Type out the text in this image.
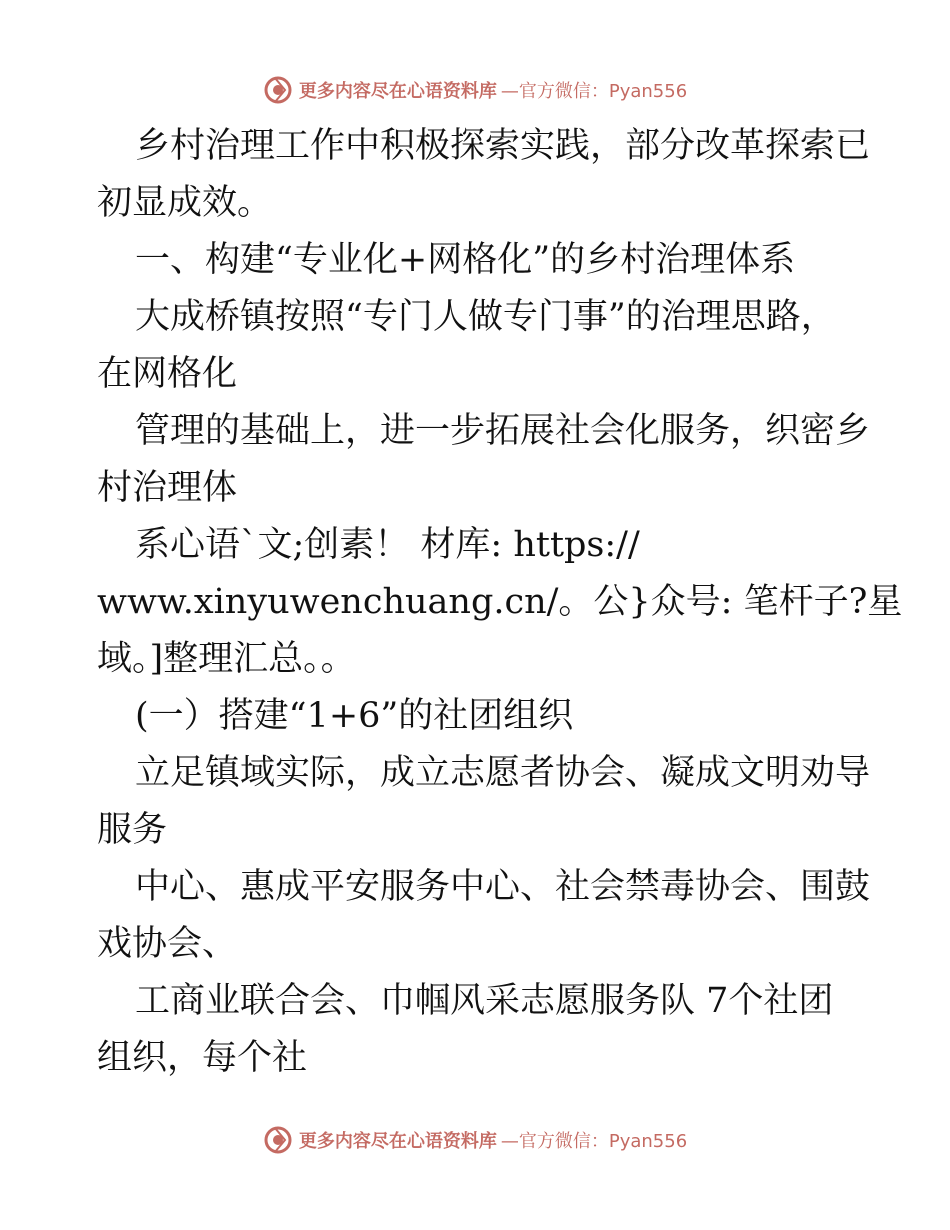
更多内容尽在心语资料库 —官方微信：Pyan556

乡村治理工作中积极探索实践，部分改革探索已

初显成效。

一、构建“专业化+网格化”的乡村治理体系

大成桥镇按照“专门人做专门事”的治理思路，

在网格化

管理的基础上，进一步拓展社会化服务，织密乡

村治理体

系心语`文;创素！ 材库: https://

www.xinyuwenchuang.cn/。公}众号: 笔杆子?星

域。]整理汇总。。

(一）搭建“1+6”的社团组织

立足镇域实际，成立志愿者协会、凝成文明劝导

服务

中心、惠成平安服务中心、社会禁毒协会、围鼓

戏协会、

工商业联合会、巾帼风采志愿服务队 7个社团

组织，每个社

更多内容尽在心语资料库 —官方微信：Pyan556
